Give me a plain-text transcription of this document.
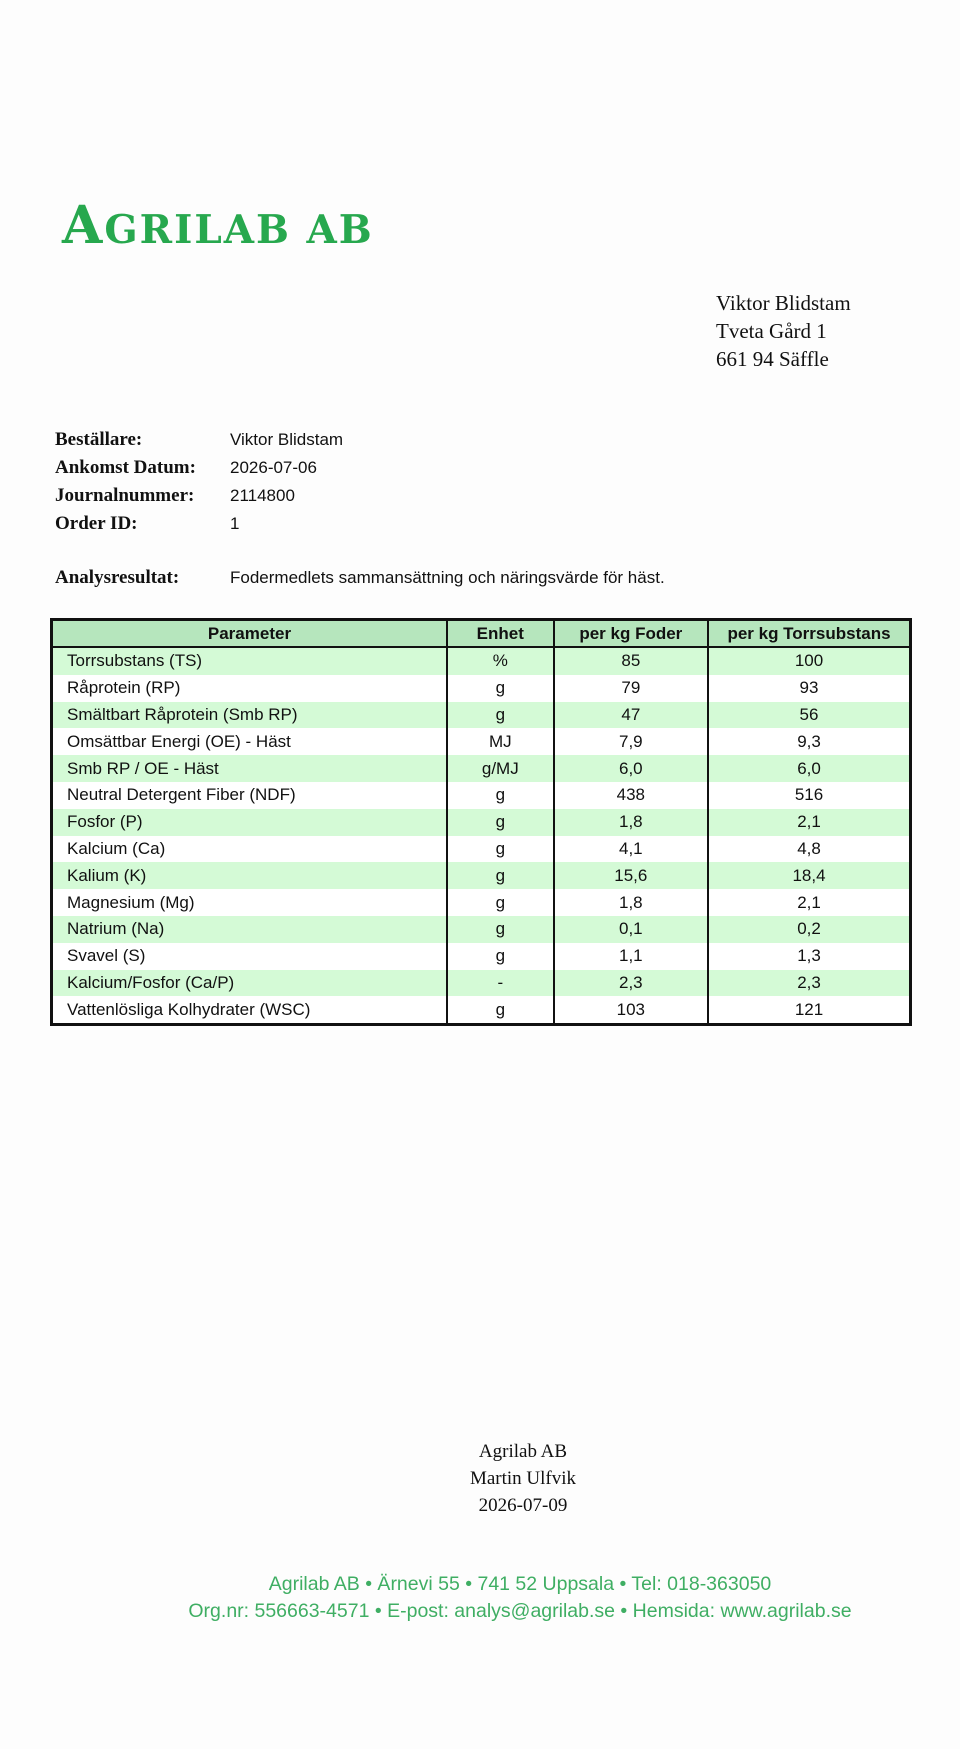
AGRILAB AB
Viktor Blidstam
Tveta Gård 1
661 94 Säffle
Beställare:	Viktor Blidstam
Ankomst Datum:	2026-07-06
Journalnummer:	2114800
Order ID:	1
Analysresultat:	Fodermedlets sammansättning och näringsvärde för häst.
Parameter	Enhet	per kg Foder	per kg Torrsubstans
Torrsubstans (TS)	%	85	100
Råprotein (RP)	g	79	93
Smältbart Råprotein (Smb RP)	g	47	56
Omsättbar Energi (OE) - Häst	MJ	7,9	9,3
Smb RP / OE - Häst	g/MJ	6,0	6,0
Neutral Detergent Fiber (NDF)	g	438	516
Fosfor (P)	g	1,8	2,1
Kalcium (Ca)	g	4,1	4,8
Kalium (K)	g	15,6	18,4
Magnesium (Mg)	g	1,8	2,1
Natrium (Na)	g	0,1	0,2
Svavel (S)	g	1,1	1,3
Kalcium/Fosfor (Ca/P)	-	2,3	2,3
Vattenlösliga Kolhydrater (WSC)	g	103	121
Agrilab AB
Martin Ulfvik
2026-07-09
Agrilab AB • Ärnevi 55 • 741 52 Uppsala • Tel: 018-363050
Org.nr: 556663-4571 • E-post: analys@agrilab.se • Hemsida: www.agrilab.se
